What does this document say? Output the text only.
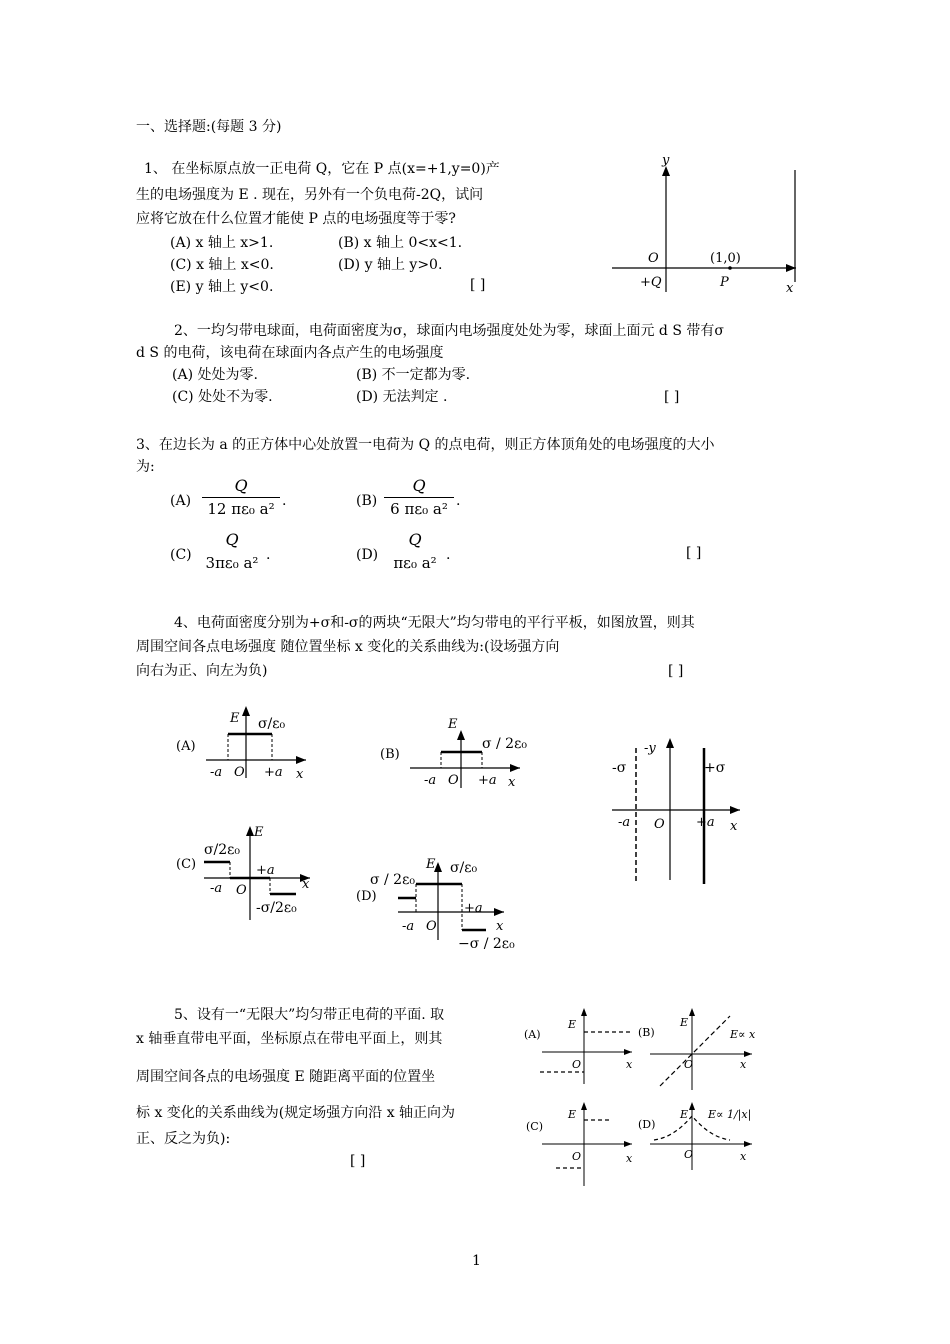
一、选择题:(每题 3 分)
1、 在坐标原点放一正电荷 Q，它在 P 点(x=+1,y=0)产
生的电场强度为 E . 现在，另外有一个负电荷-2Q，试问
应将它放在什么位置才能使 P 点的电场强度等于零?
(A) x 轴上 x>1.	(B) x 轴上 0<x<1.
(C) x 轴上 x<0.	(D) y 轴上 y>0.
(E) y 轴上 y<0.	[ ]
y
O	(1,0)
+Q	P	x
2、一均匀带电球面，电荷面密度为σ，球面内电场强度处处为零，球面上面元 d S 带有σ
d S 的电荷，该电荷在球面内各点产生的电场强度
(A) 处处为零.	(B) 不一定都为零.
(C) 处处不为零.	(D) 无法判定 .	[ ]
3、在边长为 a 的正方体中心处放置一电荷为 Q 的点电荷，则正方体顶角处的电场强度的大小
为:
(A)
Q
12 πε₀ a² .	(B)
Q
6 πε₀ a² .
(C)
Q
3πε₀ a² .	(D)
Q
πε₀ a² .	[ ]
4、电荷面密度分别为+σ和-σ的两块“无限大”均匀带电的平行平板，如图放置，则其
周围空间各点电场强度 随位置坐标 x 变化的关系曲线为:(设场强方向
向右为正、向左为负)	[ ]
(A)
E σ/ε₀
-a O +a x
(B)
E
σ / 2ε₀
-a O +a x
-σ
-y
+σ
-a O +a x
(C)
E
σ/2ε₀
+a
-a O	x
-σ/2ε₀
(D)
E
σ / 2ε₀
σ/ε₀
+a
-a O	x
−σ / 2ε₀
5、设有一“无限大”均匀带正电荷的平面. 取
x 轴垂直带电平面，坐标原点在带电平面上，则其
周围空间各点的电场强度 E 随距离平面的位置坐
标 x 变化的关系曲线为(规定场强方向沿 x 轴正向为
正、反之为负):
[ ]
(A)
E
O	x
(B)
E
E∝ x
O	x
(C)
E
O	x
(D)
E E∝ 1/|x|
O	x
1
